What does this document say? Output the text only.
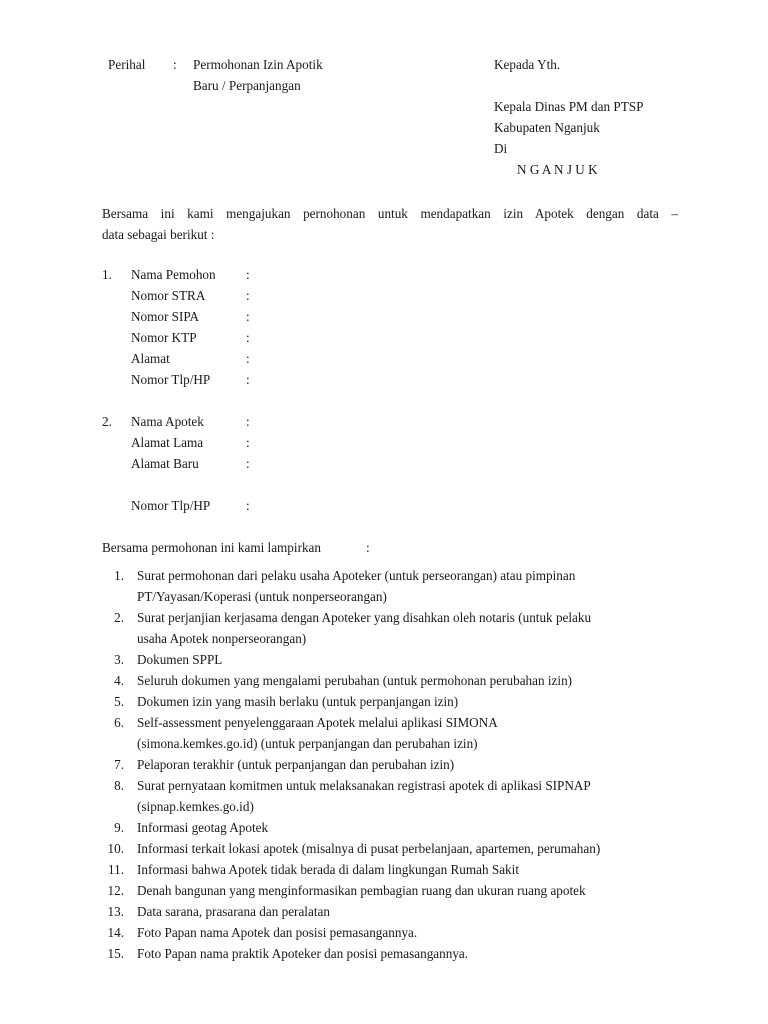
Perihal : Permohonan Izin Apotik
Baru / Perpanjangan
Kepada Yth.
Kepala Dinas PM dan PTSP
Kabupaten Nganjuk
Di
N G A N J U K
Bersama ini kami mengajukan pernohonan untuk mendapatkan izin Apotek dengan data –
data sebagai berikut :
1. Nama Pemohon :
Nomor STRA	:
Nomor SIPA	:
Nomor KTP	:
Alamat	:
Nomor Tlp/HP	:
2. Nama Apotek	:
Alamat Lama	:
Alamat Baru	:
Nomor Tlp/HP	:
Bersama permohonan ini kami lampirkan	:
1. Surat permohonan dari pelaku usaha Apoteker (untuk perseorangan) atau pimpinan
PT/Yayasan/Koperasi (untuk nonperseorangan)
2. Surat perjanjian kerjasama dengan Apoteker yang disahkan oleh notaris (untuk pelaku
usaha Apotek nonperseorangan)
3. Dokumen SPPL
4. Seluruh dokumen yang mengalami perubahan (untuk permohonan perubahan izin)
5. Dokumen izin yang masih berlaku (untuk perpanjangan izin)
6. Self-assessment penyelenggaraan Apotek melalui aplikasi SIMONA
(simona.kemkes.go.id) (untuk perpanjangan dan perubahan izin)
7. Pelaporan terakhir (untuk perpanjangan dan perubahan izin)
8. Surat pernyataan komitmen untuk melaksanakan registrasi apotek di aplikasi SIPNAP
(sipnap.kemkes.go.id)
9. Informasi geotag Apotek
10. Informasi terkait lokasi apotek (misalnya di pusat perbelanjaan, apartemen, perumahan)
11. Informasi bahwa Apotek tidak berada di dalam lingkungan Rumah Sakit
12. Denah bangunan yang menginformasikan pembagian ruang dan ukuran ruang apotek
13. Data sarana, prasarana dan peralatan
14. Foto Papan nama Apotek dan posisi pemasangannya.
15. Foto Papan nama praktik Apoteker dan posisi pemasangannya.
